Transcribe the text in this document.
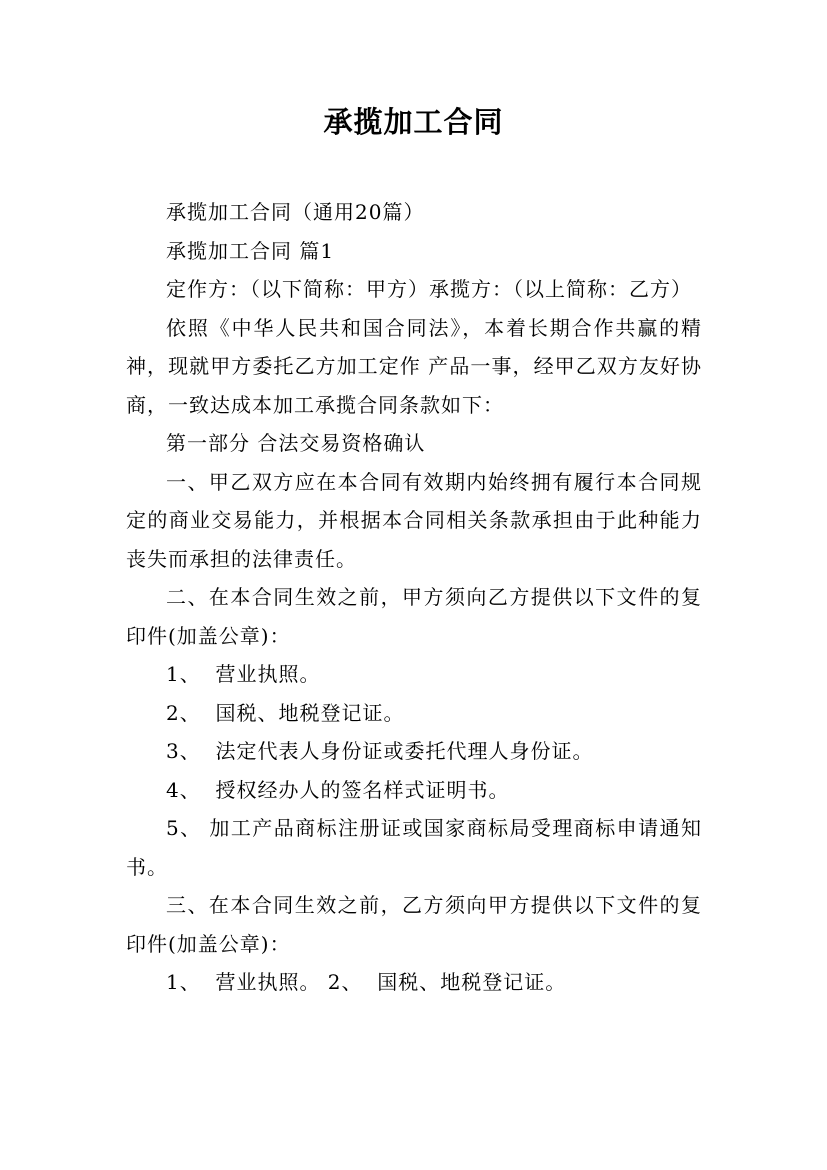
承揽加工合同

承揽加工合同（通用20篇）

承揽加工合同 篇1

定作方：（以下简称：甲方）承揽方：（以上简称：乙方）

依照《中华人民共和国合同法》，本着长期合作共赢的精神，现就甲方委托乙方加工定作 产品一事，经甲乙双方友好协商，一致达成本加工承揽合同条款如下：

第一部分 合法交易资格确认

一、甲乙双方应在本合同有效期内始终拥有履行本合同规定的商业交易能力，并根据本合同相关条款承担由于此种能力丧失而承担的法律责任。

二、在本合同生效之前，甲方须向乙方提供以下文件的复印件(加盖公章)：

1、  营业执照。

2、  国税、地税登记证。

3、  法定代表人身份证或委托代理人身份证。

4、  授权经办人的签名样式证明书。

5、 加工产品商标注册证或国家商标局受理商标申请通知书。

三、在本合同生效之前，乙方须向甲方提供以下文件的复印件(加盖公章)：

1、  营业执照。 2、  国税、地税登记证。
